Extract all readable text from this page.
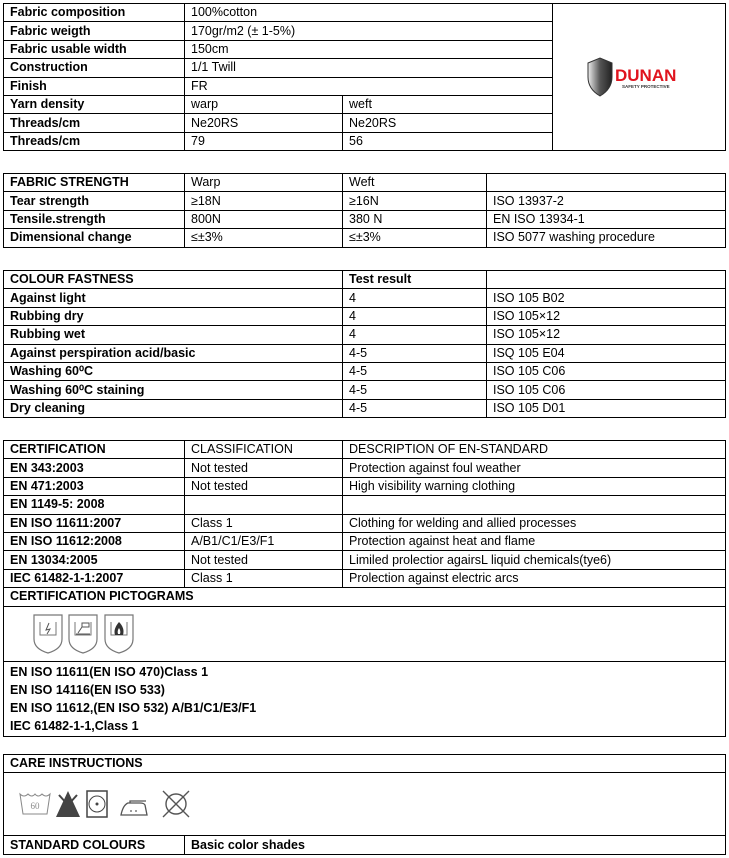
Fabric composition	100%cotton		DUNAN
SAFETY PROTECTIVE

Fabric weigth	170gr/m2 (± 1-5%)		
Fabric usable width	150cm		
Construction	1/1 Twill		
Finish	FR		
Yarn density	warp	weft	
Threads/cm	Ne20RS	Ne20RS	
Threads/cm	79	56	
FABRIC STRENGTH	Warp	Weft	
Tear strength	≥18N	≥16N	ISO 13937-2
Tensile.strength	800N	380 N	EN ISO 13934-1
Dimensional change	≤±3%	≤±3%	ISO 5077 washing procedure
COLOUR FASTNESS	Test result	
Against light	4	ISO 105 B02
Rubbing dry	4	ISO 105×12
Rubbing wet	4	ISO 105×12
Against perspiration acid/basic	4-5	ISQ 105 E04
Washing 60⁰C	4-5	ISO 105 C06
Washing 60⁰C staining	4-5	ISO 105 C06
Dry cleaning	4-5	ISO 105 D01
CERTIFICATION	CLASSIFICATION	DESCRIPTION OF EN-STANDARD
EN 343:2003	Not tested	Protection against foul weather
EN 471:2003	Not tested	High visibility warning clothing
EN 1149-5: 2008		
EN ISO 11611:2007	Class 1	Clothing for welding and allied processes
EN ISO 11612:2008	A/B1/C1/E3/F1	Protection against heat and flame
EN 13034:2005	Not tested	Limiled prolectior agairsL liquid chemicals(tye6)
IEC 61482-1-1:2007	Class 1	Prolection against electric arcs
CERTIFICATION PICTOGRAMS		

EN ISO 11611(EN ISO 470)Class 1
EN ISO 14116(EN ISO 533)
EN ISO 11612,(EN ISO 532) A/B1/C1/E3/F1
IEC 61482-1-1,Class 1		
CARE INSTRUCTIONS

60

STANDARD COLOURS	Basic color shades
